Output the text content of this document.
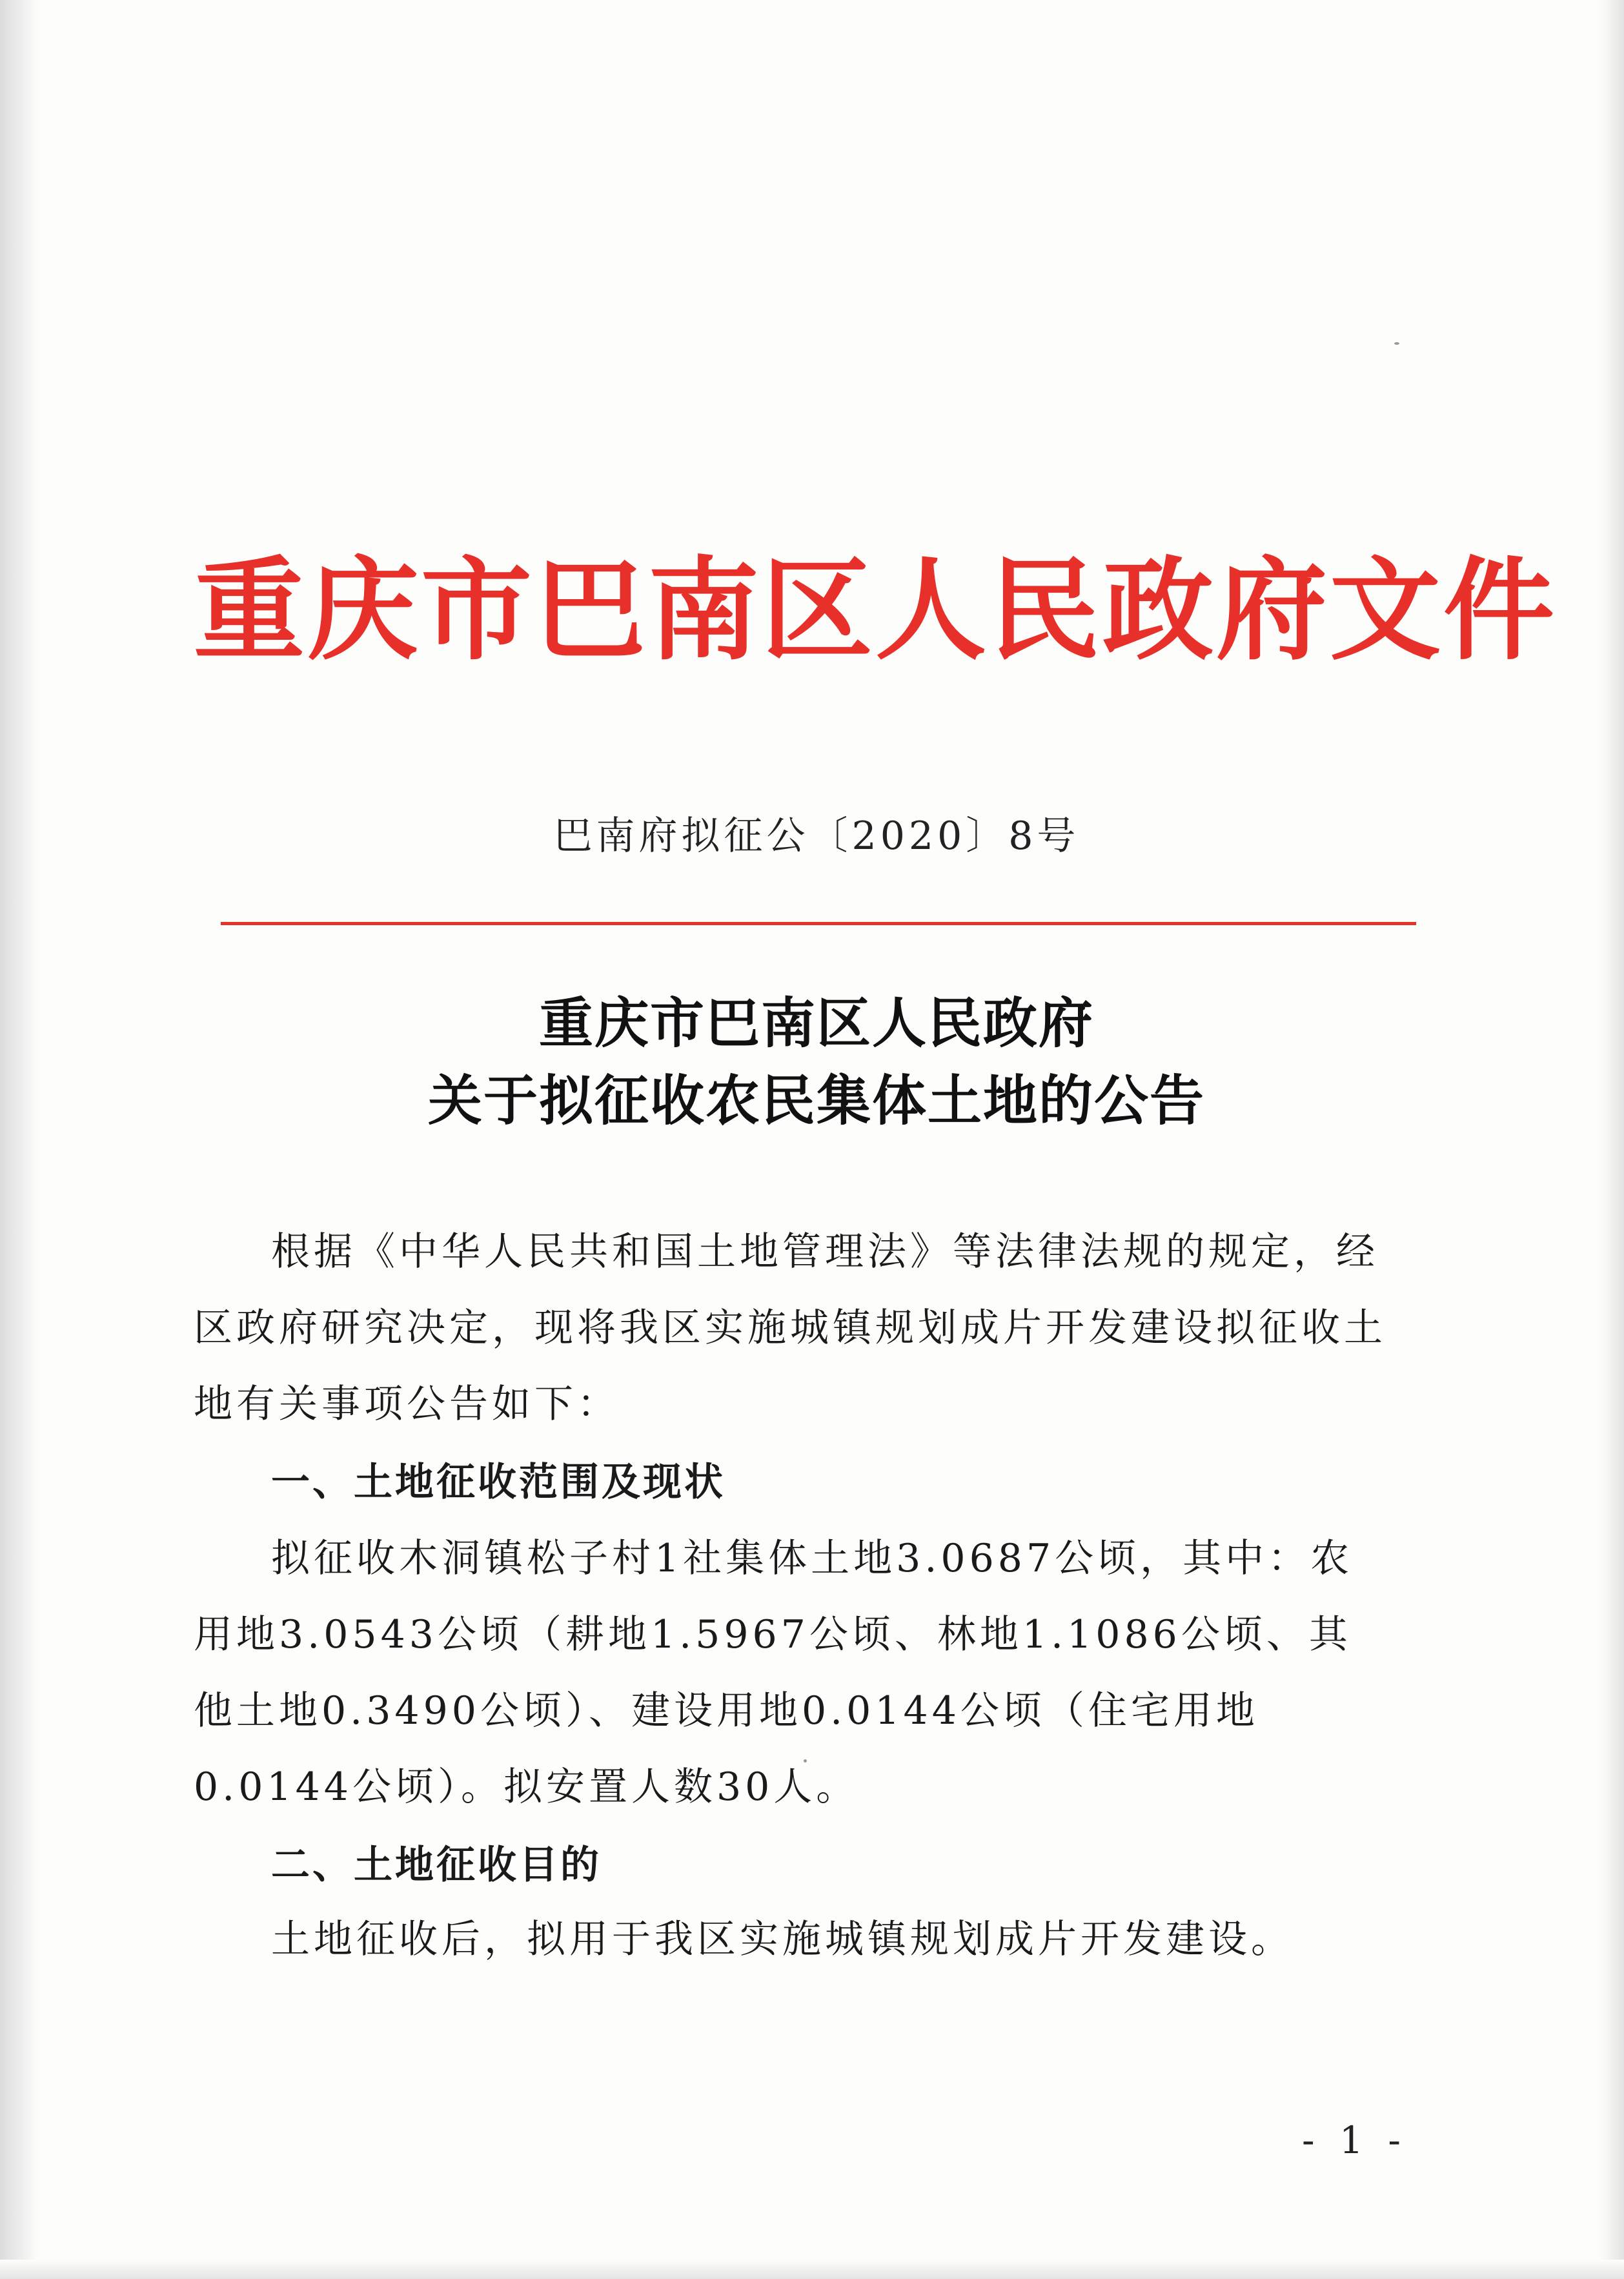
重庆市巴南区人民政府文件
巴南府拟征公〔2020〕8号
重庆市巴南区人民政府
关于拟征收农民集体土地的公告
根据《中华人民共和国土地管理法》等法律法规的规定，经区政府研究决定，现将我区实施城镇规划成片开发建设拟征收土地有关事项公告如下：
一、土地征收范围及现状
拟征收木洞镇松子村1社集体土地3.0687公顷，其中：农用地3.0543公顷（耕地1.5967公顷、林地1.1086公顷、其他土地0.3490公顷）、建设用地0.0144公顷（住宅用地0.0144公顷）。拟安置人数30人。
二、土地征收目的
土地征收后，拟用于我区实施城镇规划成片开发建设。
- 1 -
